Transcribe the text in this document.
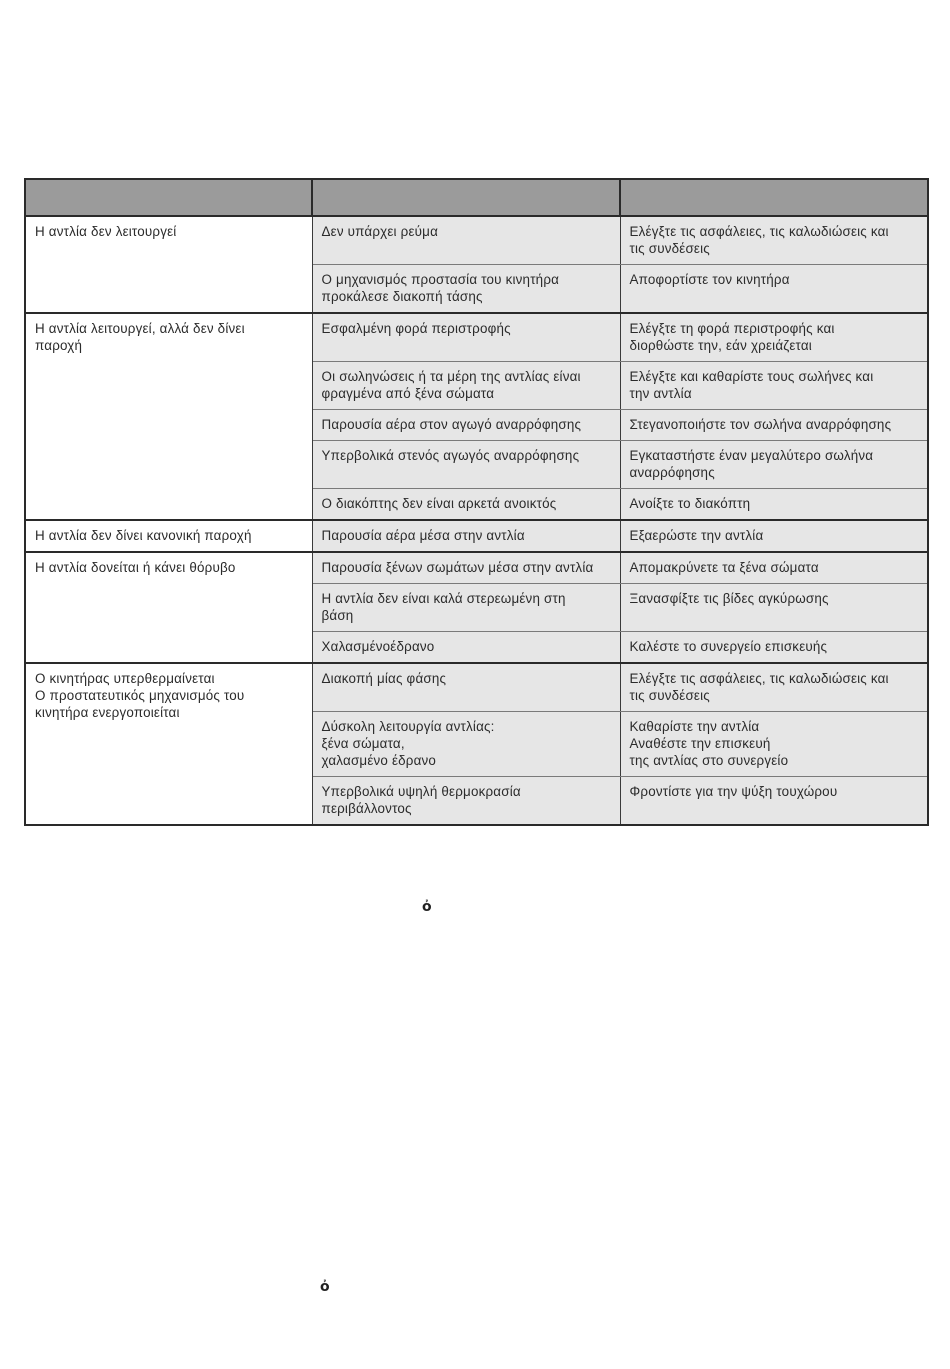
Η αντλία δεν λειτουργεί	Δεν υπάρχει ρεύμα	Ελέγξτε τις ασφάλειες, τις καλωδιώσεις και
τις συνδέσεις

	Ο μηχανισμός προστασία του κινητήρα
προκάλεσε διακοπή τάσης	Αποφορτίστε τον κινητήρα

Η αντλία λειτουργεί, αλλά δεν δίνει
παροχή	Εσφαλμένη φορά περιστροφής	Ελέγξτε τη φορά περιστροφής και
διορθώστε την, εάν χρειάζεται

	Οι σωληνώσεις ή τα μέρη της αντλίας είναι
φραγμένα από ξένα σώματα	Ελέγξτε και καθαρίστε τους σωλήνες και
την αντλία

	Παρουσία αέρα στον αγωγό αναρρόφησης	Στεγανοποιήστε τον σωλήνα αναρρόφησης

	Υπερβολικά στενός αγωγός αναρρόφησης	Εγκαταστήστε έναν μεγαλύτερο σωλήνα
αναρρόφησης

	Ο διακόπτης δεν είναι αρκετά ανοικτός	Ανοίξτε το διακόπτη

Η αντλία δεν δίνει κανονική παροχή	Παρουσία αέρα μέσα στην αντλία	Εξαερώστε την αντλία

Η αντλία δονείται ή κάνει θόρυβο	Παρουσία ξένων σωμάτων μέσα στην αντλία	Απομακρύνετε τα ξένα σώματα

	Η αντλία δεν είναι καλά στερεωμένη στη
βάση	Ξανασφίξτε τις βίδες αγκύρωσης

	Χαλασμένοέδρανο	Καλέστε το συνεργείο επισκευής

Ο κινητήρας υπερθερμαίνεται
Ο προστατευτικός μηχανισμός του
κινητήρα ενεργοποιείται	Διακοπή μίας φάσης	Ελέγξτε τις ασφάλειες, τις καλωδιώσεις και
τις συνδέσεις

	Δύσκολη λειτουργία αντλίας:
ξένα σώματα,
χαλασμένο έδρανο	Καθαρίστε την αντλία
Αναθέστε την επισκευή
της αντλίας στο συνεργείο

	Υπερβολικά υψηλή θερμοκρασία
περιβάλλοντος	Φροντίστε για την ψύξη τουχώρου
ὀ
ὀ
